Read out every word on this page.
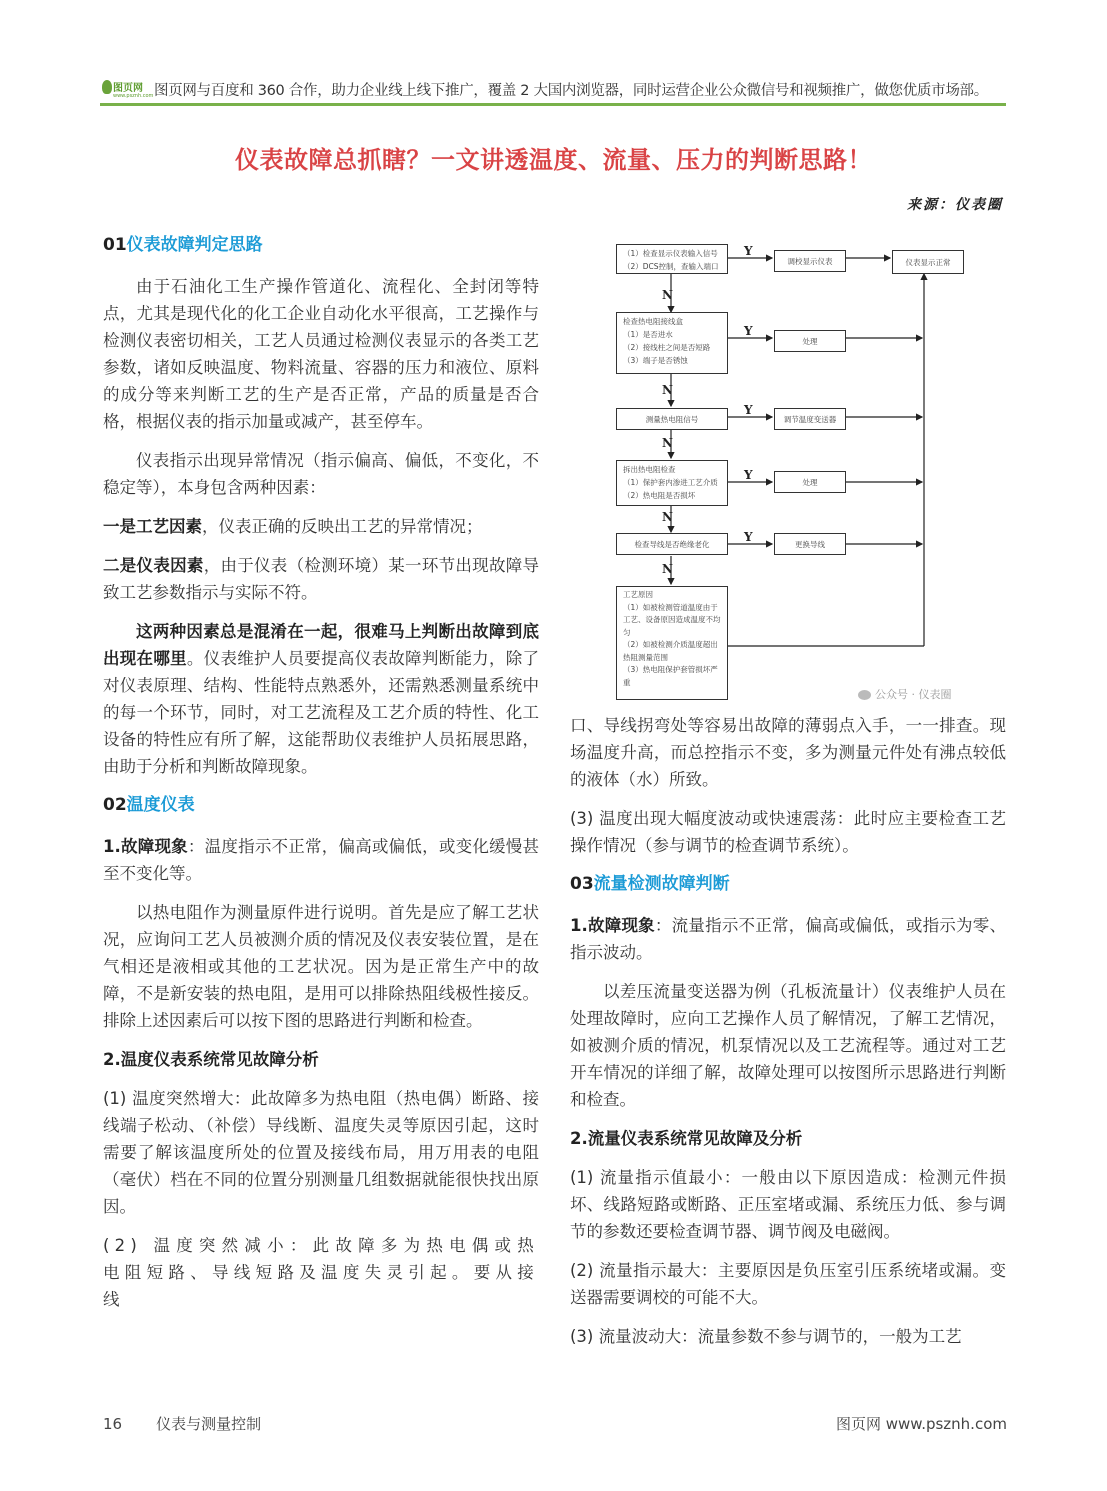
图页网
www.psznh.com 图页网与百度和 360 合作，助力企业线上线下推广，覆盖 2 大国内浏览器，同时运营企业公众微信号和视频推广，做您优质市场部。
仪表故障总抓瞎？一文讲透温度、流量、压力的判断思路！
来源：仪表圈
01仪表故障判定思路

由于石油化工生产操作管道化、流程化、全封闭等特点，尤其是现代化的化工企业自动化水平很高，工艺操作与检测仪表密切相关，工艺人员通过检测仪表显示的各类工艺参数，诸如反映温度、物料流量、容器的压力和液位、原料的成分等来判断工艺的生产是否正常，产品的质量是否合格，根据仪表的指示加量或减产，甚至停车。

仪表指示出现异常情况（指示偏高、偏低，不变化，不稳定等），本身包含两种因素：

一是工艺因素，仪表正确的反映出工艺的异常情况；

二是仪表因素，由于仪表（检测环境）某一环节出现故障导致工艺参数指示与实际不符。

这两种因素总是混淆在一起，很难马上判断出故障到底出现在哪里。仪表维护人员要提高仪表故障判断能力，除了对仪表原理、结构、性能特点熟悉外，还需熟悉测量系统中的每一个环节，同时，对工艺流程及工艺介质的特性、化工设备的特性应有所了解，这能帮助仪表维护人员拓展思路，由助于分析和判断故障现象。

02温度仪表

1.故障现象：温度指示不正常，偏高或偏低，或变化缓慢甚至不变化等。

以热电阻作为测量原件进行说明。首先是应了解工艺状况，应询问工艺人员被测介质的情况及仪表安装位置，是在气相还是液相或其他的工艺状况。因为是正常生产中的故障，不是新安装的热电阻，是用可以排除热阻线极性接反。排除上述因素后可以按下图的思路进行判断和检查。

2.温度仪表系统常见故障分析

(1) 温度突然增大：此故障多为热电阻（热电偶）断路、接线端子松动、（补偿）导线断、温度失灵等原因引起，这时需要了解该温度所处的位置及接线布局，用万用表的电阻（毫伏）档在不同的位置分别测量几组数据就能很快找出原因。

(2) 温度突然减小：此故障多为热电偶或热电阻短路、导线短路及温度失灵引起。要从接线

（1）检查显示仪表输入信号
（2）DCS控制，查输入端口
调校显示仪表	仪表显示正常
检查热电阻接线盒
（1）是否进水
（2）接线柱之间是否短路
（3）端子是否锈蚀
处理
测量热电阻信号	调节温度变送器
拆出热电阻检查
（1）保护套内渗进工艺介质
（2）热电阻是否损坏
处理
检查导线是否绝缘老化	更换导线
工艺原因
（1）如被检测管道温度由于工艺、设备原因造成温度不均匀
（2）如被检测介质温度超出热阻测量范围
（3）热电阻保护套管损坏严重
Y
Y
Y
Y
Y
N
N
N
N
N
公众号 · 仪表圈

口、导线拐弯处等容易出故障的薄弱点入手，一一排查。现场温度升高，而总控指示不变，多为测量元件处有沸点较低的液体（水）所致。

(3) 温度出现大幅度波动或快速震荡：此时应主要检查工艺操作情况（参与调节的检查调节系统）。

03流量检测故障判断

1.故障现象：流量指示不正常，偏高或偏低，或指示为零、指示波动。

以差压流量变送器为例（孔板流量计）仪表维护人员在处理故障时，应向工艺操作人员了解情况，了解工艺情况，如被测介质的情况，机泵情况以及工艺流程等。通过对工艺开车情况的详细了解，故障处理可以按图所示思路进行判断和检查。

2.流量仪表系统常见故障及分析

(1) 流量指示值最小：一般由以下原因造成：检测元件损坏、线路短路或断路、正压室堵或漏、系统压力低、参与调节的参数还要检查调节器、调节阀及电磁阀。

(2) 流量指示最大：主要原因是负压室引压系统堵或漏。变送器需要调校的可能不大。

(3) 流量波动大：流量参数不参与调节的，一般为工艺

16 仪表与测量控制	图页网 www.psznh.com
